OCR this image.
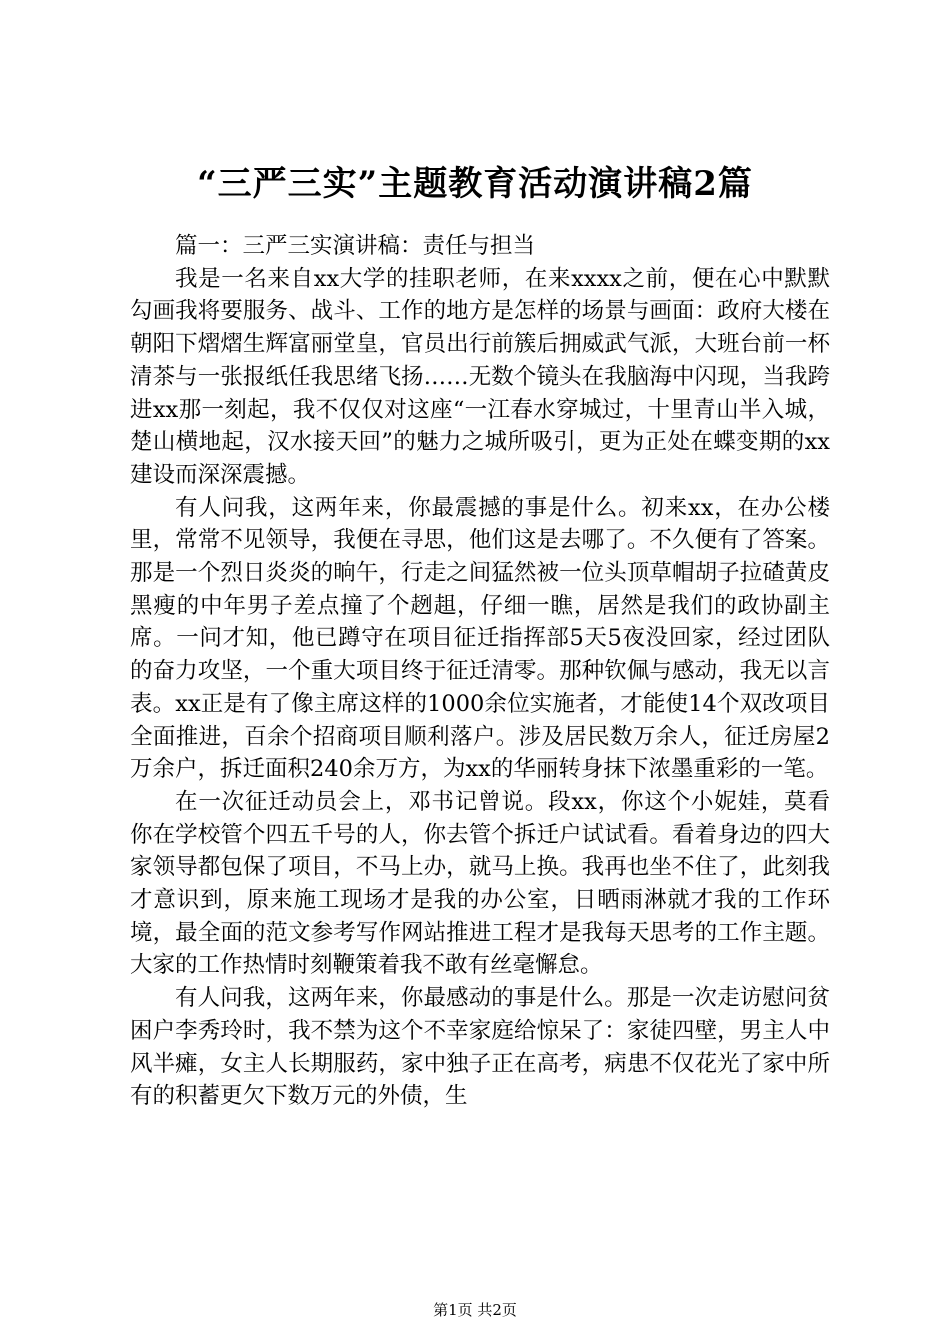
“三严三实”主题教育活动演讲稿2篇

篇一：三严三实演讲稿：责任与担当

我是一名来自xx大学的挂职老师，在来xxxx之前，便在心中默默勾画我将要服务、战斗、工作的地方是怎样的场景与画面：政府大楼在朝阳下熠熠生辉富丽堂皇，官员出行前簇后拥威武气派，大班台前一杯清茶与一张报纸任我思绪飞扬……无数个镜头在我脑海中闪现，当我跨进xx那一刻起，我不仅仅对这座“一江春水穿城过，十里青山半入城，楚山横地起，汉水接天回”的魅力之城所吸引，更为正处在蝶变期的xx建设而深深震撼。

有人问我，这两年来，你最震撼的事是什么。初来xx，在办公楼里，常常不见领导，我便在寻思，他们这是去哪了。不久便有了答案。那是一个烈日炎炎的晌午，行走之间猛然被一位头顶草帽胡子拉碴黄皮黑瘦的中年男子差点撞了个趔趄，仔细一瞧，居然是我们的政协副主席。一问才知，他已蹲守在项目征迁指挥部5天5夜没回家，经过团队的奋力攻坚，一个重大项目终于征迁清零。那种钦佩与感动，我无以言表。xx正是有了像主席这样的1000余位实施者，才能使14个双改项目全面推进，百余个招商项目顺利落户。涉及居民数万余人，征迁房屋2万余户，拆迁面积240余万方，为xx的华丽转身抹下浓墨重彩的一笔。

在一次征迁动员会上，邓书记曾说。段xx，你这个小妮娃，莫看你在学校管个四五千号的人，你去管个拆迁户试试看。看着身边的四大家领导都包保了项目，不马上办，就马上换。我再也坐不住了，此刻我才意识到，原来施工现场才是我的办公室，日晒雨淋就才我的工作环境，最全面的范文参考写作网站推进工程才是我每天思考的工作主题。大家的工作热情时刻鞭策着我不敢有丝毫懈怠。

有人问我，这两年来，你最感动的事是什么。那是一次走访慰问贫困户李秀玲时，我不禁为这个不幸家庭给惊呆了：家徒四壁，男主人中风半瘫，女主人长期服药，家中独子正在高考，病患不仅花光了家中所有的积蓄更欠下数万元的外债，生

第1页 共2页
